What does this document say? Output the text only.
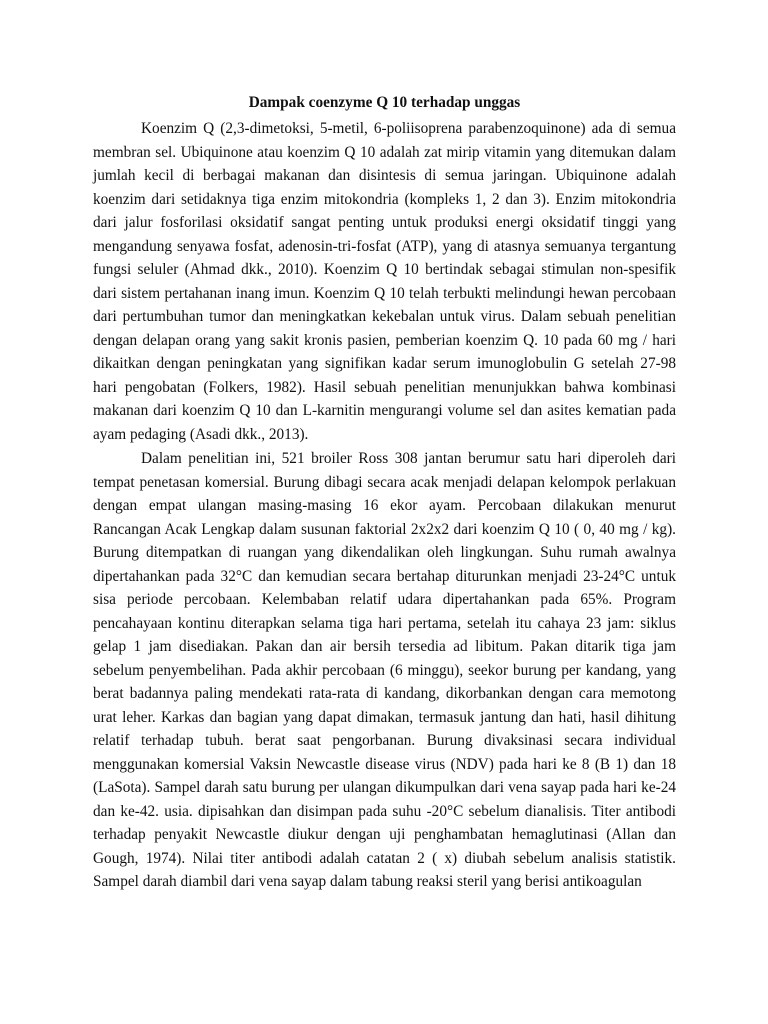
Dampak coenzyme Q 10 terhadap unggas

Koenzim Q (2,3-dimetoksi, 5-metil, 6-poliisoprena parabenzoquinone) ada di semua membran sel. Ubiquinone atau koenzim Q 10 adalah zat mirip vitamin yang ditemukan dalam jumlah kecil di berbagai makanan dan disintesis di semua jaringan. Ubiquinone adalah koenzim dari setidaknya tiga enzim mitokondria (kompleks 1, 2 dan 3). Enzim mitokondria dari jalur fosforilasi oksidatif sangat penting untuk produksi energi oksidatif tinggi yang mengandung senyawa fosfat, adenosin-tri-fosfat (ATP), yang di atasnya semuanya tergantung fungsi seluler (Ahmad dkk., 2010). Koenzim Q 10 bertindak sebagai stimulan non-spesifik dari sistem pertahanan inang imun. Koenzim Q 10 telah terbukti melindungi hewan percobaan dari pertumbuhan tumor dan meningkatkan kekebalan untuk virus. Dalam sebuah penelitian dengan delapan orang yang sakit kronis pasien, pemberian koenzim Q. 10 pada 60 mg / hari dikaitkan dengan peningkatan yang signifikan kadar serum imunoglobulin G setelah 27-98 hari pengobatan (Folkers, 1982). Hasil sebuah penelitian menunjukkan bahwa kombinasi makanan dari koenzim Q 10 dan L-karnitin mengurangi volume sel dan asites kematian pada ayam pedaging (Asadi dkk., 2013).

Dalam penelitian ini, 521 broiler Ross 308 jantan berumur satu hari diperoleh dari tempat penetasan komersial. Burung dibagi secara acak menjadi delapan kelompok perlakuan dengan empat ulangan masing-masing 16 ekor ayam. Percobaan dilakukan menurut Rancangan Acak Lengkap dalam susunan faktorial 2x2x2 dari koenzim Q 10 ( 0, 40 mg / kg). Burung ditempatkan di ruangan yang dikendalikan oleh lingkungan. Suhu rumah awalnya dipertahankan pada 32°C dan kemudian secara bertahap diturunkan menjadi 23-24°C untuk sisa periode percobaan. Kelembaban relatif udara dipertahankan pada 65%. Program pencahayaan kontinu diterapkan selama tiga hari pertama, setelah itu cahaya 23 jam: siklus gelap 1 jam disediakan. Pakan dan air bersih tersedia ad libitum. Pakan ditarik tiga jam sebelum penyembelihan. Pada akhir percobaan (6 minggu), seekor burung per kandang, yang berat badannya paling mendekati rata-rata di kandang, dikorbankan dengan cara memotong urat leher. Karkas dan bagian yang dapat dimakan, termasuk jantung dan hati, hasil dihitung relatif terhadap tubuh. berat saat pengorbanan. Burung divaksinasi secara individual menggunakan komersial Vaksin Newcastle disease virus (NDV) pada hari ke 8 (B 1) dan 18 (LaSota). Sampel darah satu burung per ulangan dikumpulkan dari vena sayap pada hari ke-24 dan ke-42. usia. dipisahkan dan disimpan pada suhu -20°C sebelum dianalisis. Titer antibodi terhadap penyakit Newcastle diukur dengan uji penghambatan hemaglutinasi (Allan dan Gough, 1974). Nilai titer antibodi adalah catatan 2 ( x) diubah sebelum analisis statistik. Sampel darah diambil dari vena sayap dalam tabung reaksi steril yang berisi antikoagulan
